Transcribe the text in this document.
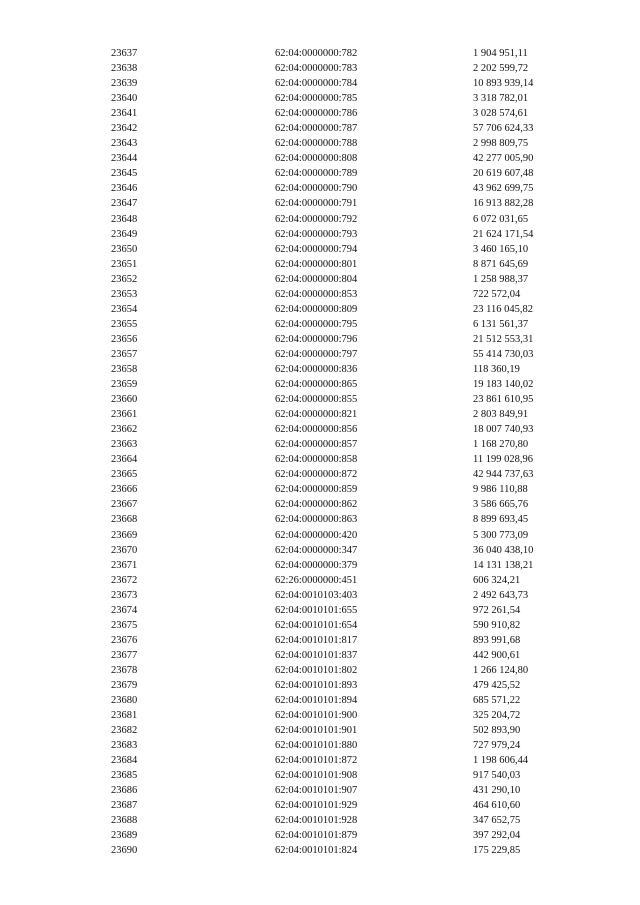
23637	62:04:0000000:782	1 904 951,11
23638	62:04:0000000:783	2 202 599,72
23639	62:04:0000000:784	10 893 939,14
23640	62:04:0000000:785	3 318 782,01
23641	62:04:0000000:786	3 028 574,61
23642	62:04:0000000:787	57 706 624,33
23643	62:04:0000000:788	2 998 809,75
23644	62:04:0000000:808	42 277 005,90
23645	62:04:0000000:789	20 619 607,48
23646	62:04:0000000:790	43 962 699,75
23647	62:04:0000000:791	16 913 882,28
23648	62:04:0000000:792	6 072 031,65
23649	62:04:0000000:793	21 624 171,54
23650	62:04:0000000:794	3 460 165,10
23651	62:04:0000000:801	8 871 645,69
23652	62:04:0000000:804	1 258 988,37
23653	62:04:0000000:853	722 572,04
23654	62:04:0000000:809	23 116 045,82
23655	62:04:0000000:795	6 131 561,37
23656	62:04:0000000:796	21 512 553,31
23657	62:04:0000000:797	55 414 730,03
23658	62:04:0000000:836	118 360,19
23659	62:04:0000000:865	19 183 140,02
23660	62:04:0000000:855	23 861 610,95
23661	62:04:0000000:821	2 803 849,91
23662	62:04:0000000:856	18 007 740,93
23663	62:04:0000000:857	1 168 270,80
23664	62:04:0000000:858	11 199 028,96
23665	62:04:0000000:872	42 944 737,63
23666	62:04:0000000:859	9 986 110,88
23667	62:04:0000000:862	3 586 665,76
23668	62:04:0000000:863	8 899 693,45
23669	62:04:0000000:420	5 300 773,09
23670	62:04:0000000:347	36 040 438,10
23671	62:04:0000000:379	14 131 138,21
23672	62:26:0000000:451	606 324,21
23673	62:04:0010103:403	2 492 643,73
23674	62:04:0010101:655	972 261,54
23675	62:04:0010101:654	590 910,82
23676	62:04:0010101:817	893 991,68
23677	62:04:0010101:837	442 900,61
23678	62:04:0010101:802	1 266 124,80
23679	62:04:0010101:893	479 425,52
23680	62:04:0010101:894	685 571,22
23681	62:04:0010101:900	325 204,72
23682	62:04:0010101:901	502 893,90
23683	62:04:0010101:880	727 979,24
23684	62:04:0010101:872	1 198 606,44
23685	62:04:0010101:908	917 540,03
23686	62:04:0010101:907	431 290,10
23687	62:04:0010101:929	464 610,60
23688	62:04:0010101:928	347 652,75
23689	62:04:0010101:879	397 292,04
23690	62:04:0010101:824	175 229,85
